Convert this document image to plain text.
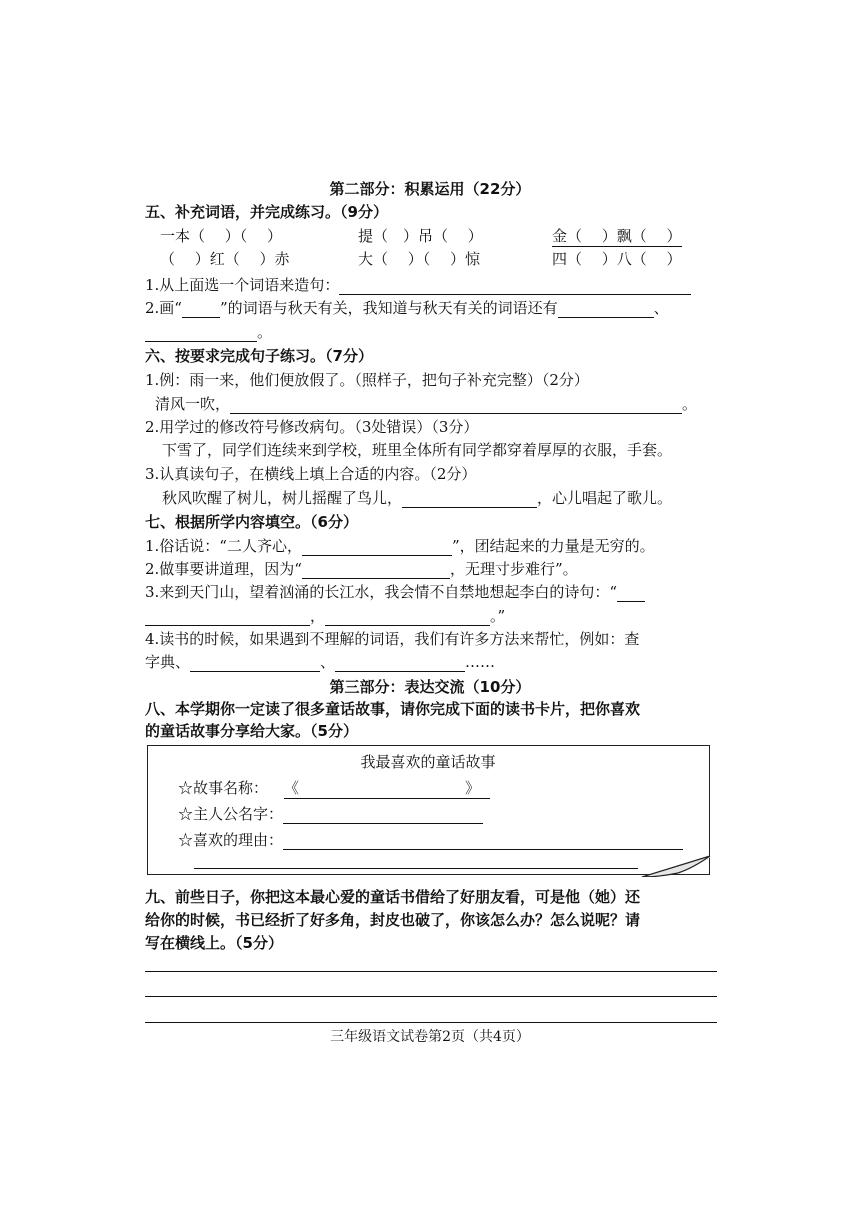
第二部分：积累运用（22分）
五、补充词语，并完成练习。（9分）
一本（　 ）（　 ）	提（　）吊（　 ）	金（　 ）飘（　 ）
（　 ）红（　 ）赤	大（　 ）（　 ）惊	四（　 ）八（　 ）
1.从上面选一个词语来造句：
2.画“	”的词语与秋天有关，我知道与秋天有关的词语还有	、
。
六、按要求完成句子练习。（7分）
1.例：雨一来，他们便放假了。（照样子，把句子补充完整）（2分）
清风一吹，	。
2.用学过的修改符号修改病句。（3处错误）（3分）
下雪了，同学们连续来到学校，班里全体所有同学都穿着厚厚的衣服，手套。
3.认真读句子，在横线上填上合适的内容。（2分）
秋风吹醒了树儿，树儿摇醒了鸟儿，	，心儿唱起了歌儿。
七、根据所学内容填空。（6分）
1.俗话说：“二人齐心，	”，团结起来的力量是无穷的。
2.做事要讲道理，因为“	，无理寸步难行”。
3.来到天门山，望着汹涌的长江水，我会情不自禁地想起李白的诗句：“
，	。”
4.读书的时候，如果遇到不理解的词语，我们有许多方法来帮忙，例如：查
字典、	、	……
第三部分：表达交流（10分）
八、本学期你一定读了很多童话故事，请你完成下面的读书卡片，把你喜欢
的童话故事分享给大家。（5分）
我最喜欢的童话故事
☆故事名称： 《	》
☆主人公名字：
☆喜欢的理由：
九、前些日子，你把这本最心爱的童话书借给了好朋友看，可是他（她）还
给你的时候，书已经折了好多角，封皮也破了，你该怎么办？怎么说呢？请
写在横线上。（5分）
三年级语文试卷第2页（共4页）
